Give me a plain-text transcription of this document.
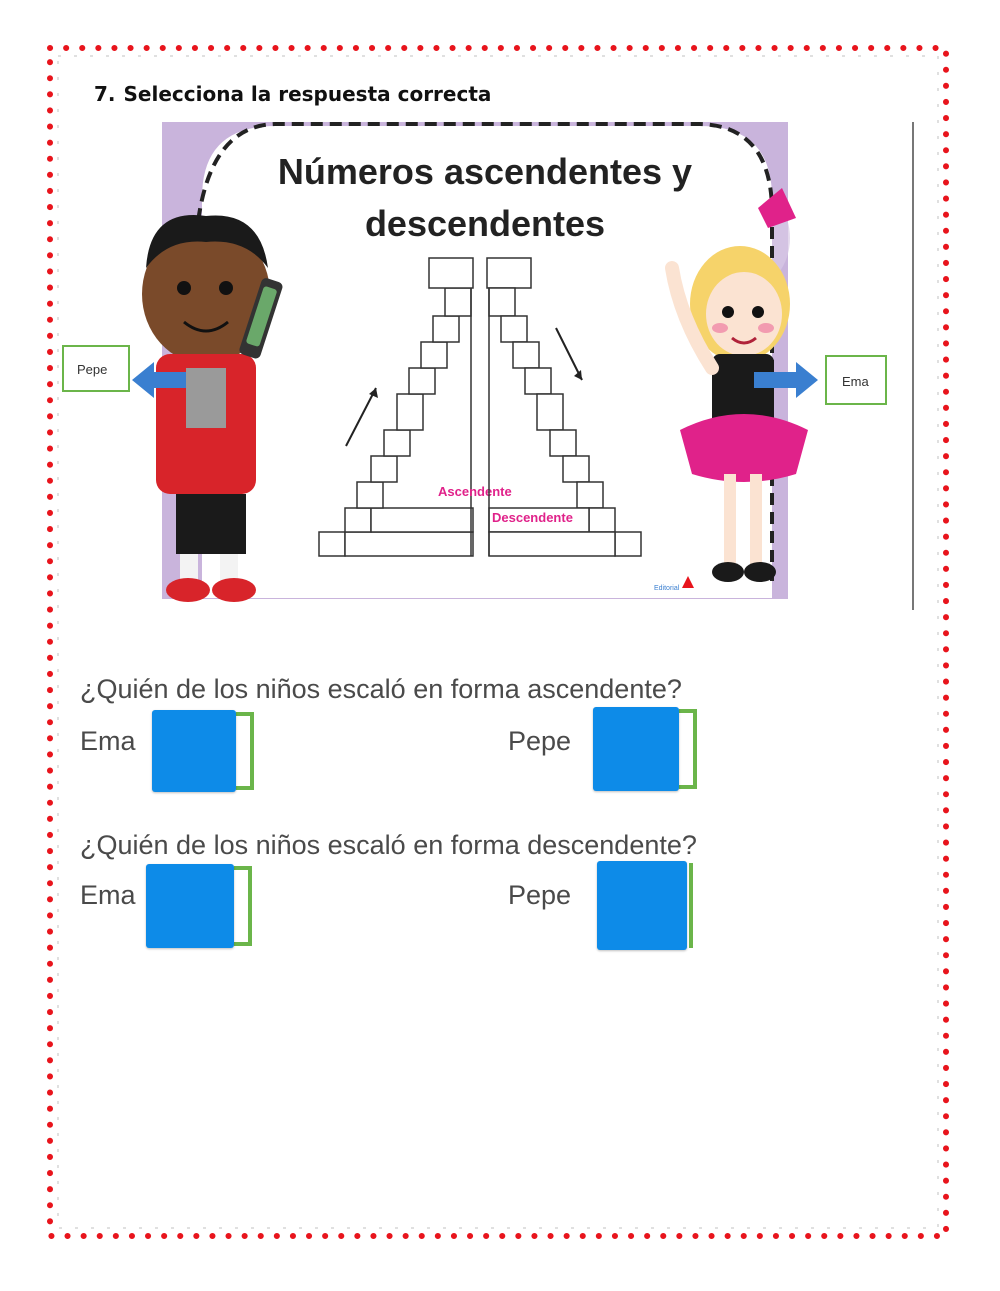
7. Selecciona la respuesta correcta
Números ascendentes y
descendentes
Ascendente
Descendente
Pepe
Ema
Editorial
¿Quién de los niños escaló en forma ascendente?
Ema	Pepe
¿Quién de los niños escaló en forma descendente?
Ema	Pepe
